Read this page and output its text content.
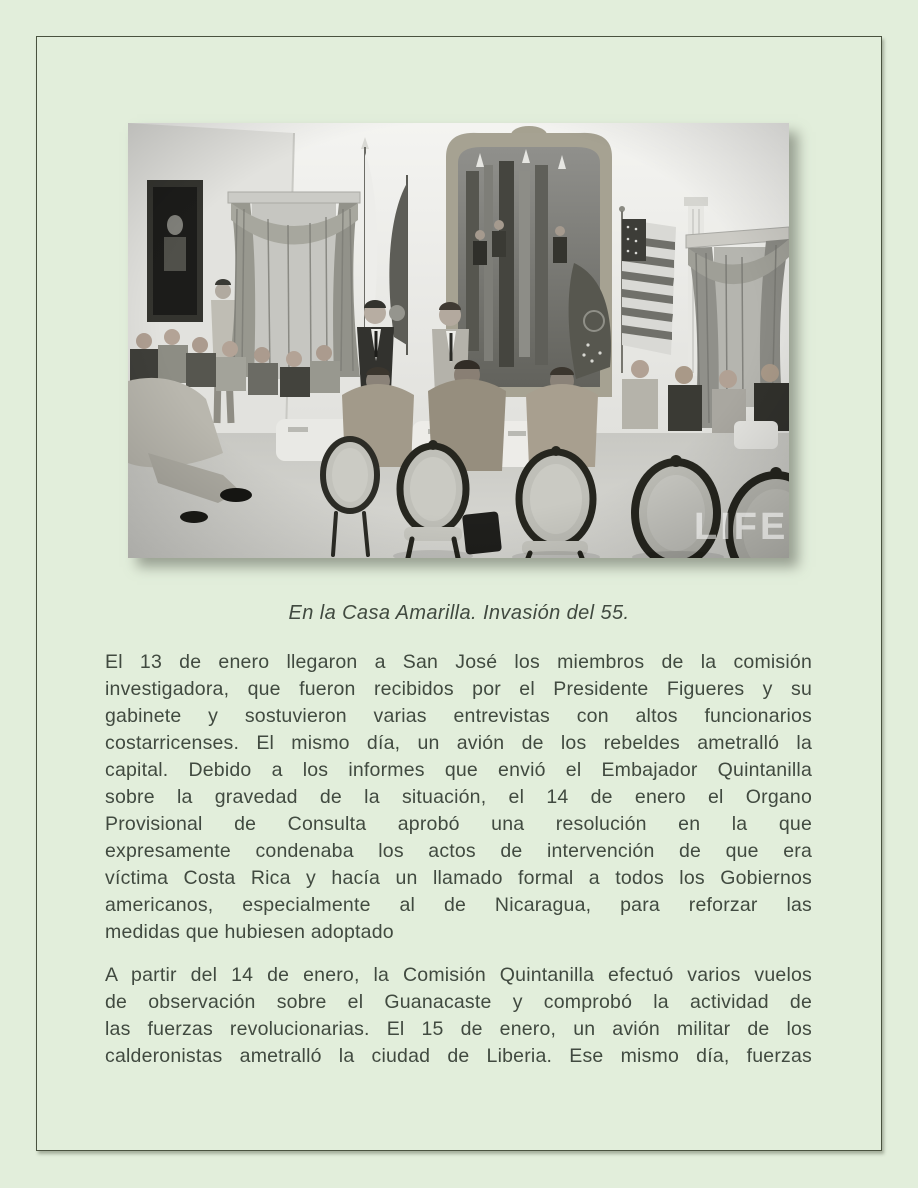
LIFE
En la Casa Amarilla. Invasión del 55.
El 13 de enero llegaron a San José los miembros de la comisión
investigadora, que fueron recibidos por el Presidente Figueres y su
gabinete y sostuvieron varias entrevistas con altos funcionarios
costarricenses. El mismo día, un avión de los rebeldes ametralló la
capital. Debido a los informes que envió el Embajador Quintanilla
sobre la gravedad de la situación, el 14 de enero el Organo
Provisional de Consulta aprobó una resolución en la que
expresamente condenaba los actos de intervención de que era
víctima Costa Rica y hacía un llamado formal a todos los Gobiernos
americanos, especialmente al de Nicaragua, para reforzar las
medidas que hubiesen adoptado
A partir del 14 de enero, la Comisión Quintanilla efectuó varios vuelos
de observación sobre el Guanacaste y comprobó la actividad de
las fuerzas revolucionarias. El 15 de enero, un avión militar de los
calderonistas ametralló la ciudad de Liberia. Ese mismo día, fuerzas
